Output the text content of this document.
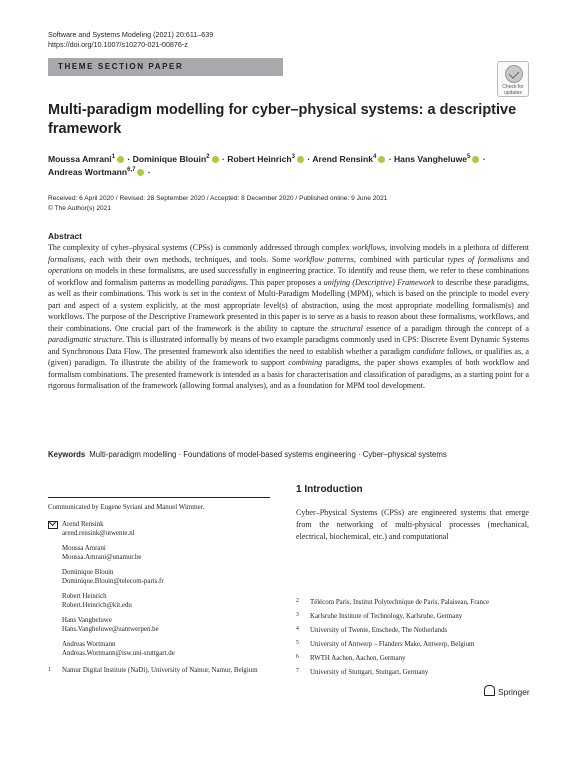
Software and Systems Modeling (2021) 20:611–639
https://doi.org/10.1007/s10270-021-00876-z
THEME SECTION PAPER
Check for
updates
Multi-paradigm modelling for cyber–physical systems: a descriptive framework
Moussa Amrani$^1$ · Dominique Blouin$^2$ · Robert Heinrich$^3$ · Arend Rensink$^4$ · Hans Vangheluwe$^5$ · Andreas Wortmann$^{6,7}$ ·
Received: 6 April 2020 / Revised: 28 September 2020 / Accepted: 8 December 2020 / Published online: 9 June 2021
© The Author(s) 2021
Abstract
The complexity of cyber–physical systems (CPSs) is commonly addressed through complex workflows, involving models in a plethora of different formalisms, each with their own methods, techniques, and tools. Some workflow patterns, combined with particular types of formalisms and operations on models in these formalisms, are used successfully in engineering practice. To identify and reuse them, we refer to these combinations of workflow and formalism patterns as modelling paradigms. This paper proposes a unifying (Descriptive) Framework to describe these paradigms, as well as their combinations. This work is set in the context of Multi-Paradigm Modelling (MPM), which is based on the principle to model every part and aspect of a system explicitly, at the most appropriate level(s) of abstraction, using the most appropriate modelling formalism(s) and workflows. The purpose of the Descriptive Framework presented in this paper is to serve as a basis to reason about these formalisms, workflows, and their combinations. One crucial part of the framework is the ability to capture the structural essence of a paradigm through the concept of a paradigmatic structure. This is illustrated informally by means of two example paradigms commonly used in CPS: Discrete Event Dynamic Systems and Synchronous Data Flow. The presented framework also identifies the need to establish whether a paradigm candidate follows, or qualifies as, a (given) paradigm. To illustrate the ability of the framework to support combining paradigms, the paper shows examples of both workflow and formalism combinations. The presented framework is intended as a basis for characterisation and classification of paradigms, as a starting point for a rigorous formalisation of the framework (allowing formal analyses), and as a foundation for MPM tool development.
Keywords Multi-paradigm modelling · Foundations of model-based systems engineering · Cyber–physical systems
Communicated by Eugene Syriani and Manuel Wimmer.
Arend Rensink
arend.rensink@utwente.nl
Moussa Amrani
Moussa.Amrani@unamur.be
Dominique Blouin
Dominique.Blouin@telecom-paris.fr
Robert Heinrich
Robert.Heinrich@kit.edu
Hans Vangheluwe
Hans.Vangheluwe@uantwerpen.be
Andreas Wortmann
Andreas.Wortmann@isw.uni-stuttgart.de
1 Namur Digital Institute (NaDi), University of Namur, Namur, Belgium
1 Introduction
Cyber–Physical Systems (CPSs) are engineered systems that emerge from the networking of multi-physical processes (mechanical, electrical, biochemical, etc.) and computational
2 Télécom Paris, Institut Polytechnique de Paris, Palaiseau, France
3 Karlsruhe Institute of Technology, Karlsruhe, Germany
4 University of Twente, Enschede, The Netherlands
5 University of Antwerp – Flanders Make, Antwerp, Belgium
6 RWTH Aachen, Aachen, Germany
7 University of Stuttgart, Stuttgart, Germany
Springer
